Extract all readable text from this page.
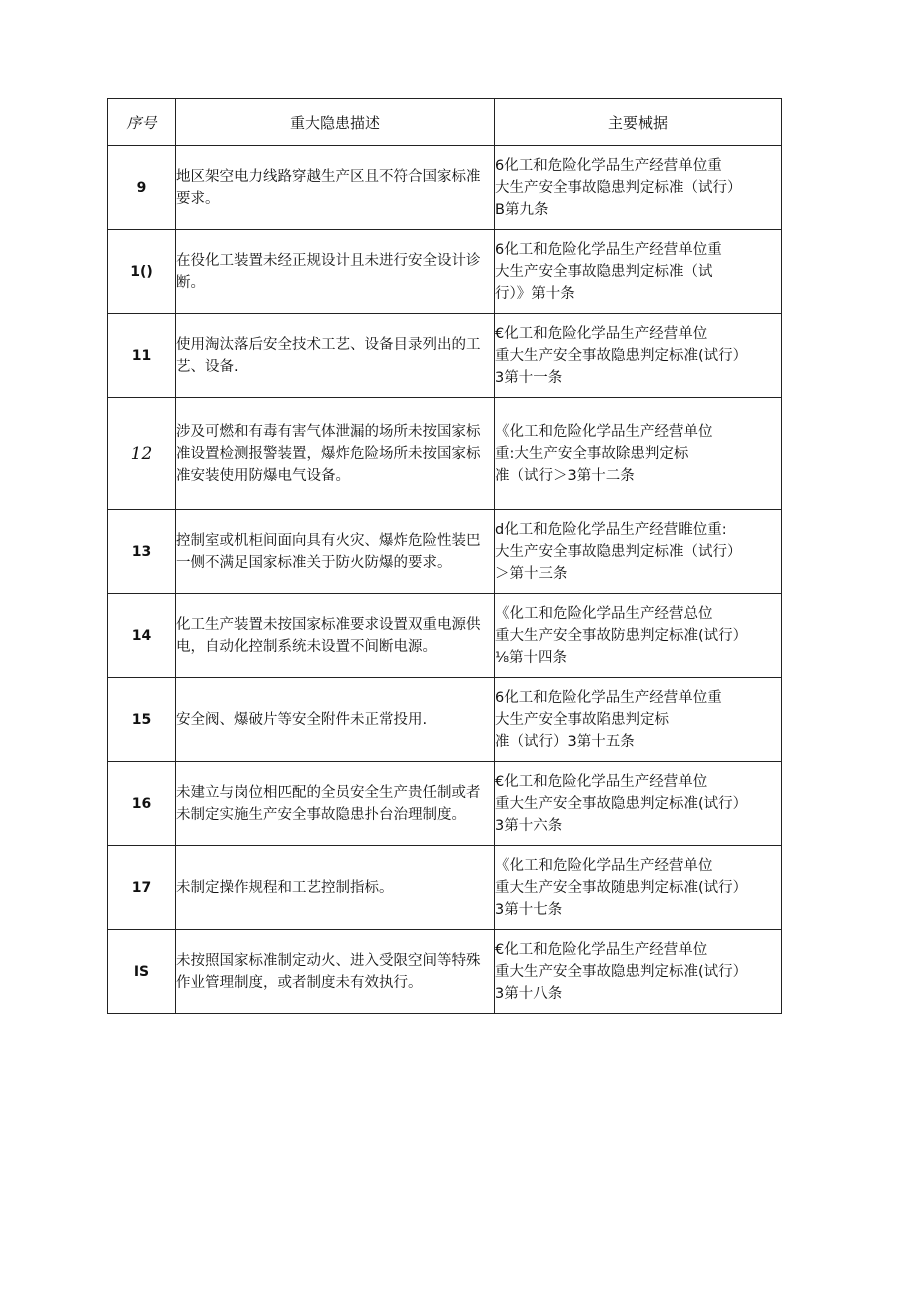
序号	重大隐患描述	主要械据
9	地区架空电力线路穿越生产区且不符合国家标准要求。	6化工和危险化学品生产经营单位重
大生产安全事故隐患判定标准（试行）
B第九条
1()	在役化工装置未经正规设计且未进行安全设计诊断。	6化工和危险化学品生产经营单位重
大生产安全事故隐患判定标准（试
行）》第十条
11	使用淘汰落后安全技术工艺、设备目录列出的工艺、设备.	€化工和危险化学品生产经营单位
重大生产安全事故隐患判定标准(试行）
3第十一条
12	涉及可燃和有毒有害气体泄漏的场所未按国家标准设置检测报警装置，爆炸危险场所未按国家标准安装使用防爆电气设备。	《化工和危险化学品生产经营单位
重:大生产安全事故除患判定标
准（试行＞3第十二条
13	控制室或机柜间面向具有火灾、爆炸危险性装巴一侧不满足国家标准关于防火防爆的要求。	d化工和危险化学品生产经营睢位重:
大生产安全事故隐患判定标准（试行）
＞第十三条
14	化工生产装置未按国家标准要求设置双重电源供电，自动化控制系统未设置不间断电源。	《化工和危险化学品生产经营总位
重大生产安全事故防患判定标准(试行）
⅛第十四条
15	安全阀、爆破片等安全附件未正常投用.	6化工和危险化学品生产经营单位重
大生产安全事故陷患判定标
准（试行）3第十五条
16	未建立与岗位相匹配的全员安全生产贵任制或者未制定实施生产安全事故隐患扑台治理制度。	€化工和危险化学品生产经营单位
重大生产安全事故隐患判定标准(试行）
3第十六条
17	未制定操作规程和工艺控制指标。	《化工和危险化学品生产经营单位
重大生产安全事故随患判定标准(试行）
3第十七条
IS	未按照国家标准制定动火、进入受限空间等特殊作业管理制度，或者制度未有效执行。	€化工和危险化学品生产经营单位
重大生产安全事故隐患判定标准(试行）
3第十八条
